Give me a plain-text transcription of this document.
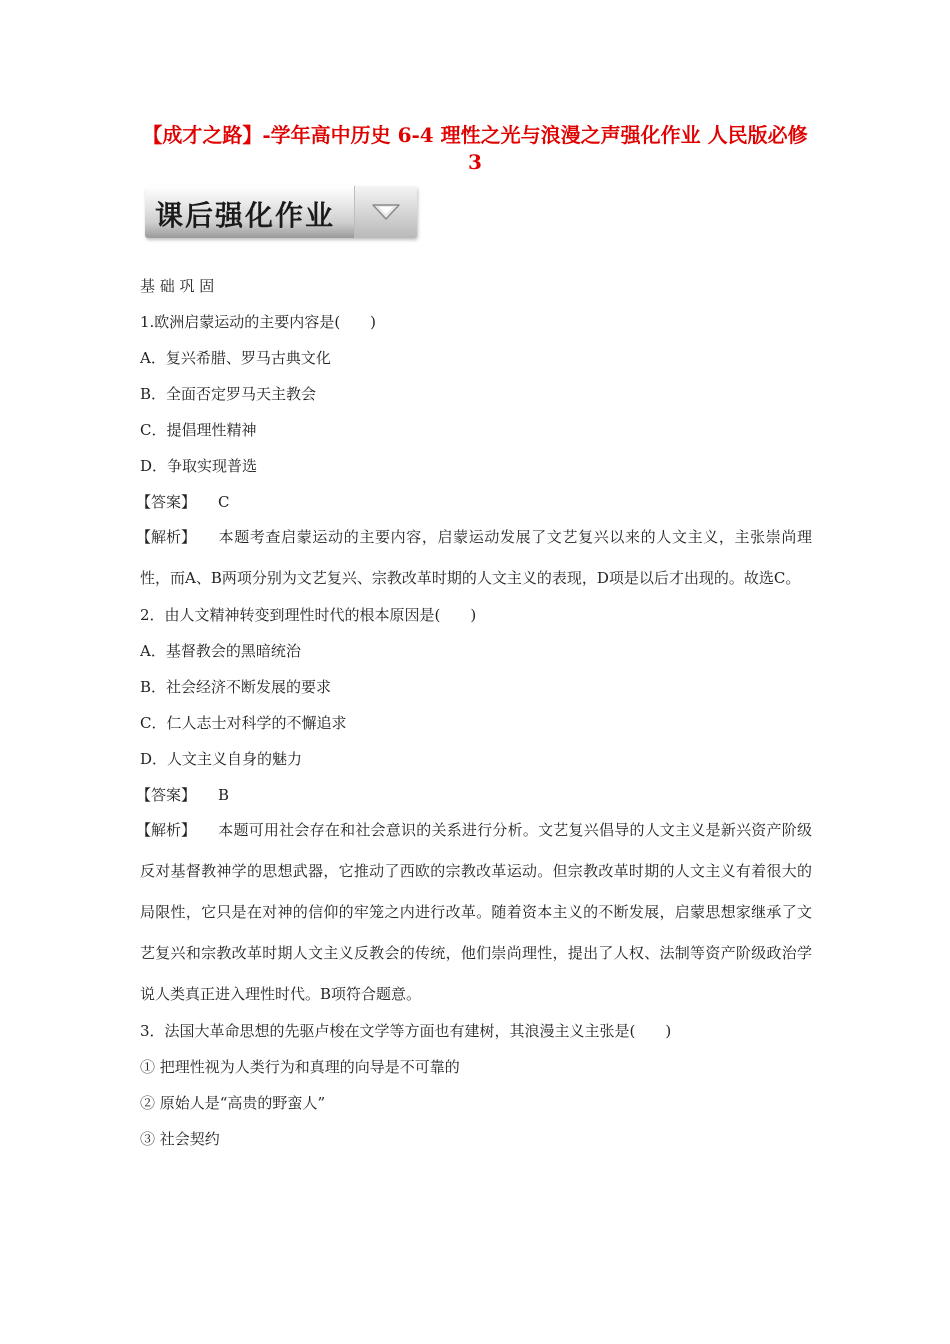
【成才之路】-学年高中历史 6-4 理性之光与浪漫之声强化作业 人民版必修3
课后强化作业
基 础 巩 固
1.欧洲启蒙运动的主要内容是(　　)
A．复兴希腊、罗马古典文化
B．全面否定罗马天主教会
C．提倡理性精神
D．争取实现普选
【答案】 C
【解析】 本题考查启蒙运动的主要内容，启蒙运动发展了文艺复兴以来的人文主义，主张崇尚理性，而A、B两项分别为文艺复兴、宗教改革时期的人文主义的表现，D项是以后才出现的。故选C。
2．由人文精神转变到理性时代的根本原因是(　　)
A．基督教会的黑暗统治
B．社会经济不断发展的要求
C．仁人志士对科学的不懈追求
D．人文主义自身的魅力
【答案】 B
【解析】 本题可用社会存在和社会意识的关系进行分析。文艺复兴倡导的人文主义是新兴资产阶级反对基督教神学的思想武器，它推动了西欧的宗教改革运动。但宗教改革时期的人文主义有着很大的局限性，它只是在对神的信仰的牢笼之内进行改革。随着资本主义的不断发展，启蒙思想家继承了文艺复兴和宗教改革时期人文主义反教会的传统，他们崇尚理性，提出了人权、法制等资产阶级政治学说人类真正进入理性时代。B项符合题意。
3．法国大革命思想的先驱卢梭在文学等方面也有建树，其浪漫主义主张是(　　)
① 把理性视为人类行为和真理的向导是不可靠的
② 原始人是“高贵的野蛮人”
③ 社会契约
